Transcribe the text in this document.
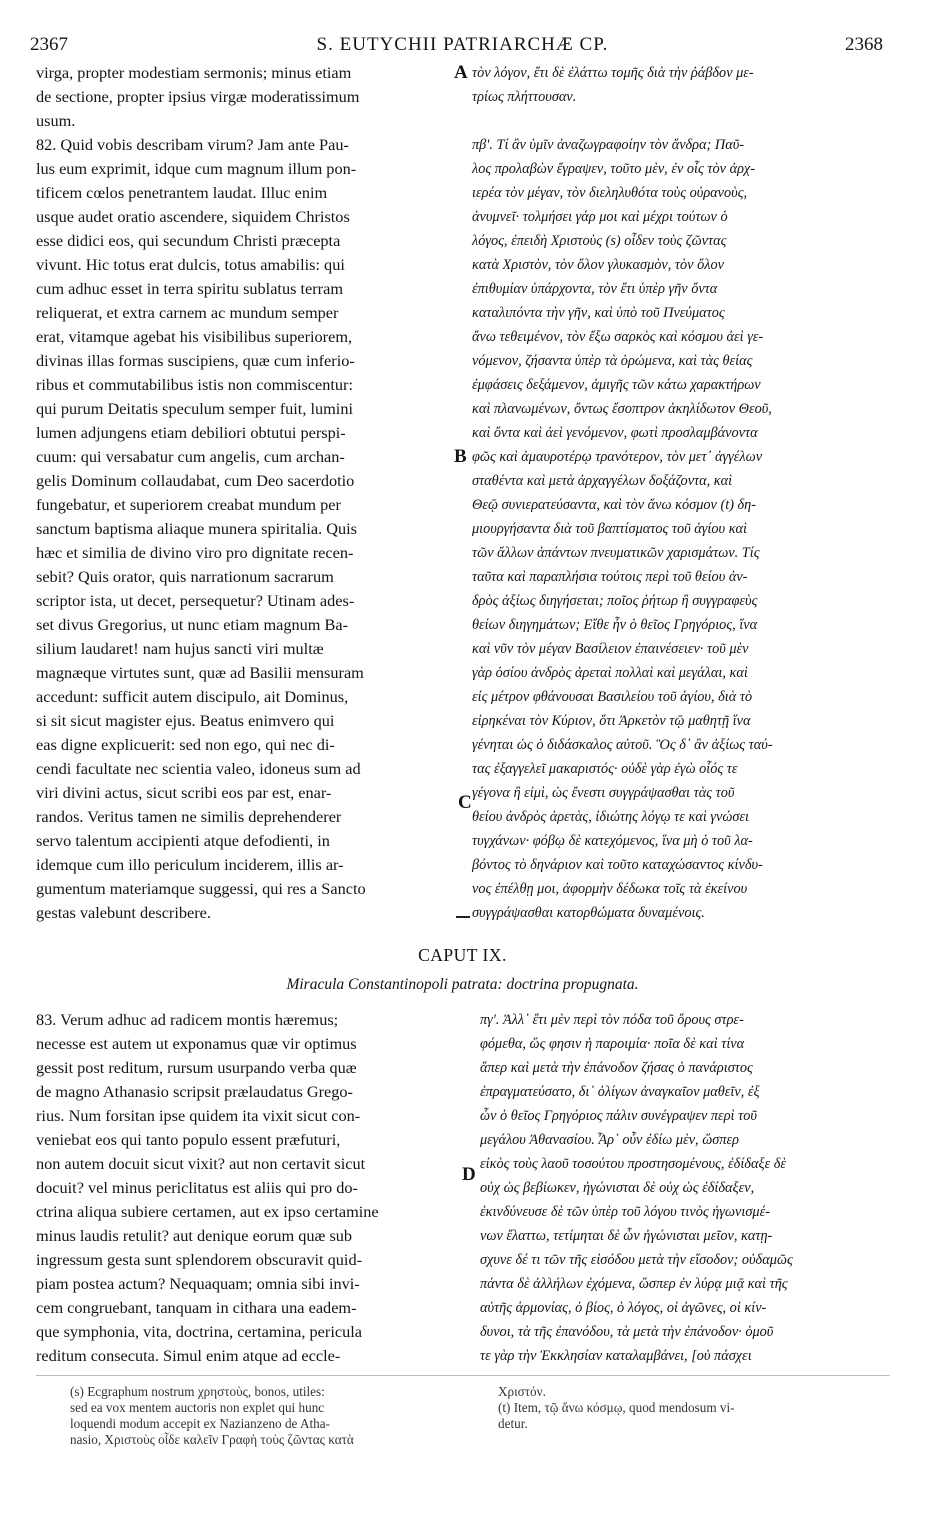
2367	S. EUTYCHII PATRIARCHÆ CP.	2368
virga, propter modestiam sermonis; minus etiam
de sectione, propter ipsius virgæ moderatissimum
usum.
82. Quid vobis describam virum? Jam ante Pau-
lus eum exprimit, idque cum magnum illum pon-
tificem cœlos penetrantem laudat. Illuc enim
usque audet oratio ascendere, siquidem Christos
esse didici eos, qui secundum Christi præcepta
vivunt. Hic totus erat dulcis, totus amabilis: qui
cum adhuc esset in terra spiritu sublatus terram
reliquerat, et extra carnem ac mundum semper
erat, vitamque agebat his visibilibus superiorem,
divinas illas formas suscipiens, quæ cum inferio-
ribus et commutabilibus istis non commiscentur:
qui purum Deitatis speculum semper fuit, lumini
lumen adjungens etiam debiliori obtutui perspi-
cuum: qui versabatur cum angelis, cum archan-
gelis Dominum collaudabat, cum Deo sacerdotio
fungebatur, et superiorem creabat mundum per
sanctum baptisma aliaque munera spiritalia. Quis
hæc et similia de divino viro pro dignitate recen-
sebit? Quis orator, quis narrationum sacrarum
scriptor ista, ut decet, persequetur? Utinam ades-
set divus Gregorius, ut nunc etiam magnum Ba-
silium laudaret! nam hujus sancti viri multæ
magnæque virtutes sunt, quæ ad Basilii mensuram
accedunt: sufficit autem discipulo, ait Dominus,
si sit sicut magister ejus. Beatus enimvero qui
eas digne explicuerit: sed non ego, qui nec di-
cendi facultate nec scientia valeo, idoneus sum ad
viri divini actus, sicut scribi eos par est, enar-
randos. Veritus tamen ne similis deprehenderer
servo talentum accipienti atque defodienti, in
idemque cum illo periculum inciderem, illis ar-
gumentum materiamque suggessi, qui res a Sancto
gestas valebunt describere.
τὸν λόγον, ἔτι δὲ ἐλάττω τομῆς διὰ τὴν ῥάβδον με-
τρίως πλήττουσαν.
πβʹ. Τί ἂν ὑμῖν ἀναζωγραφοίην τὸν ἄνδρα; Παῦ-
λος προλαβὼν ἔγραψεν, τοῦτο μὲν, ἐν οἷς τὸν ἀρχ-
ιερέα τὸν μέγαν, τὸν διεληλυθότα τοὺς οὐρανοὺς,
ἀνυμνεῖ· τολμήσει γάρ μοι καὶ μέχρι τούτων ὁ
λόγος, ἐπειδὴ Χριστοὺς (s) οἶδεν τοὺς ζῶντας
κατὰ Χριστὸν, τὸν ὅλον γλυκασμὸν, τὸν ὅλον
ἐπιθυμίαν ὑπάρχοντα, τὸν ἔτι ὑπὲρ γῆν ὄντα
καταλιπόντα τὴν γῆν, καὶ ὑπὸ τοῦ Πνεύματος
ἄνω τεθειμένον, τὸν ἔξω σαρκὸς καὶ κόσμου ἀεὶ γε-
νόμενον, ζήσαντα ὑπὲρ τὰ ὁρώμενα, καὶ τὰς θείας
ἐμφάσεις δεξάμενον, ἀμιγῆς τῶν κάτω χαρακτήρων
καὶ πλανωμένων, ὄντως ἔσοπτρον ἀκηλίδωτον Θεοῦ,
καὶ ὄντα καὶ ἀεὶ γενόμενον, φωτὶ προσλαμβάνοντα
φῶς καὶ ἀμαυροτέρῳ τρανότερον, τὸν μετ᾽ ἀγγέλων
σταθέντα καὶ μετὰ ἀρχαγγέλων δοξάζοντα, καὶ
Θεῷ συνιερατεύσαντα, καὶ τὸν ἄνω κόσμον (t) δη-
μιουργήσαντα διὰ τοῦ βαπτίσματος τοῦ ἁγίου καὶ
τῶν ἄλλων ἁπάντων πνευματικῶν χαρισμάτων. Τίς
ταῦτα καὶ παραπλήσια τούτοις περὶ τοῦ θείου ἀν-
δρὸς ἀξίως διηγήσεται; ποῖος ῥήτωρ ἢ συγγραφεὺς
θείων διηγημάτων; Εἴθε ἦν ὁ θεῖος Γρηγόριος, ἵνα
καὶ νῦν τὸν μέγαν Βασίλειον ἐπαινέσειεν· τοῦ μὲν
γὰρ ὁσίου ἀνδρὸς ἀρεταὶ πολλαὶ καὶ μεγάλαι, καὶ
εἰς μέτρον φθάνουσαι Βασιλείου τοῦ ἁγίου, διὰ τὸ
εἰρηκέναι τὸν Κύριον, ὅτι Ἀρκετὸν τῷ μαθητῇ ἵνα
γένηται ὡς ὁ διδάσκαλος αὐτοῦ. Ὃς δ᾽ ἂν ἀξίως ταύ-
τας ἐξαγγελεῖ μακαριστός· οὐδὲ γὰρ ἐγὼ οἷός τε
γέγονα ἢ εἰμὶ, ὡς ἔνεστι συγγράψασθαι τὰς τοῦ
θείου ἀνδρὸς ἀρετὰς, ἰδιώτης λόγῳ τε καὶ γνώσει
τυγχάνων· φόβῳ δὲ κατεχόμενος, ἵνα μὴ ὁ τοῦ λα-
βόντος τὸ δηνάριον καὶ τοῦτο καταχώσαντος κίνδυ-
νος ἐπέλθῃ μοι, ἀφορμὴν δέδωκα τοῖς τὰ ἐκείνου
συγγράψασθαι κατορθώματα δυναμένοις.
A
B
C
D
CAPUT IX.
Miracula Constantinopoli patrata: doctrina propugnata.
83. Verum adhuc ad radicem montis hæremus;
necesse est autem ut exponamus quæ vir optimus
gessit post reditum, rursum usurpando verba quæ
de magno Athanasio scripsit prælaudatus Grego-
rius. Num forsitan ipse quidem ita vixit sicut con-
veniebat eos qui tanto populo essent præfuturi,
non autem docuit sicut vixit? aut non certavit sicut
docuit? vel minus periclitatus est aliis qui pro do-
ctrina aliqua subiere certamen, aut ex ipso certamine
minus laudis retulit? aut denique eorum quæ sub
ingressum gesta sunt splendorem obscuravit quid-
piam postea actum? Nequaquam; omnia sibi invi-
cem congruebant, tanquam in cithara una eadem-
que symphonia, vita, doctrina, certamina, pericula
reditum consecuta. Simul enim atque ad eccle-
πγʹ. Ἀλλ᾽ ἔτι μὲν περὶ τὸν πόδα τοῦ ὄρους στρε-
φόμεθα, ὥς φησιν ἡ παροιμία· ποῖα δὲ καὶ τίνα
ἅπερ καὶ μετὰ τὴν ἐπάνοδον ζήσας ὁ πανάριστος
ἐπραγματεύσατο, δι᾽ ὀλίγων ἀναγκαῖον μαθεῖν, ἐξ
ὧν ὁ θεῖος Γρηγόριος πάλιν συνέγραψεν περὶ τοῦ
μεγάλου Ἀθανασίου. Ἆρ᾽ οὖν ἐδίω μὲν, ὥσπερ
εἰκὸς τοὺς λαοῦ τοσούτου προστησομένους, ἐδίδαξε δὲ
οὐχ ὡς βεβίωκεν, ἠγώνισται δὲ οὐχ ὡς ἐδίδαξεν,
ἐκινδύνευσε δὲ τῶν ὑπὲρ τοῦ λόγου τινὸς ἠγωνισμέ-
νων ἔλαττω, τετίμηται δὲ ὧν ἠγώνισται μεῖον, κατῃ-
σχυνε δέ τι τῶν τῆς εἰσόδου μετὰ τὴν εἴσοδον; οὐδαμῶς
πάντα δὲ ἀλλήλων ἐχόμενα, ὥσπερ ἐν λύρᾳ μιᾷ καὶ τῆς
αὐτῆς ἁρμονίας, ὁ βίος, ὁ λόγος, οἱ ἀγῶνες, οἱ κίν-
δυνοι, τὰ τῆς ἐπανόδου, τὰ μετὰ τὴν ἐπάνοδον· ὁμοῦ
τε γὰρ τὴν Ἐκκλησίαν καταλαμβάνει, [οὐ πάσχει
(s) Ecgraphum nostrum χρηστοὺς, bonos, utiles:
sed ea vox mentem auctoris non explet qui hunc
loquendi modum accepit ex Nazianzeno de Atha-
nasio, Χριστοὺς οἶδε καλεῖν Γραφὴ τοὺς ζῶντας κατὰ
Χριστόν.
(t) Item, τῷ ἄνω κόσμῳ, quod mendosum vi-
detur.
